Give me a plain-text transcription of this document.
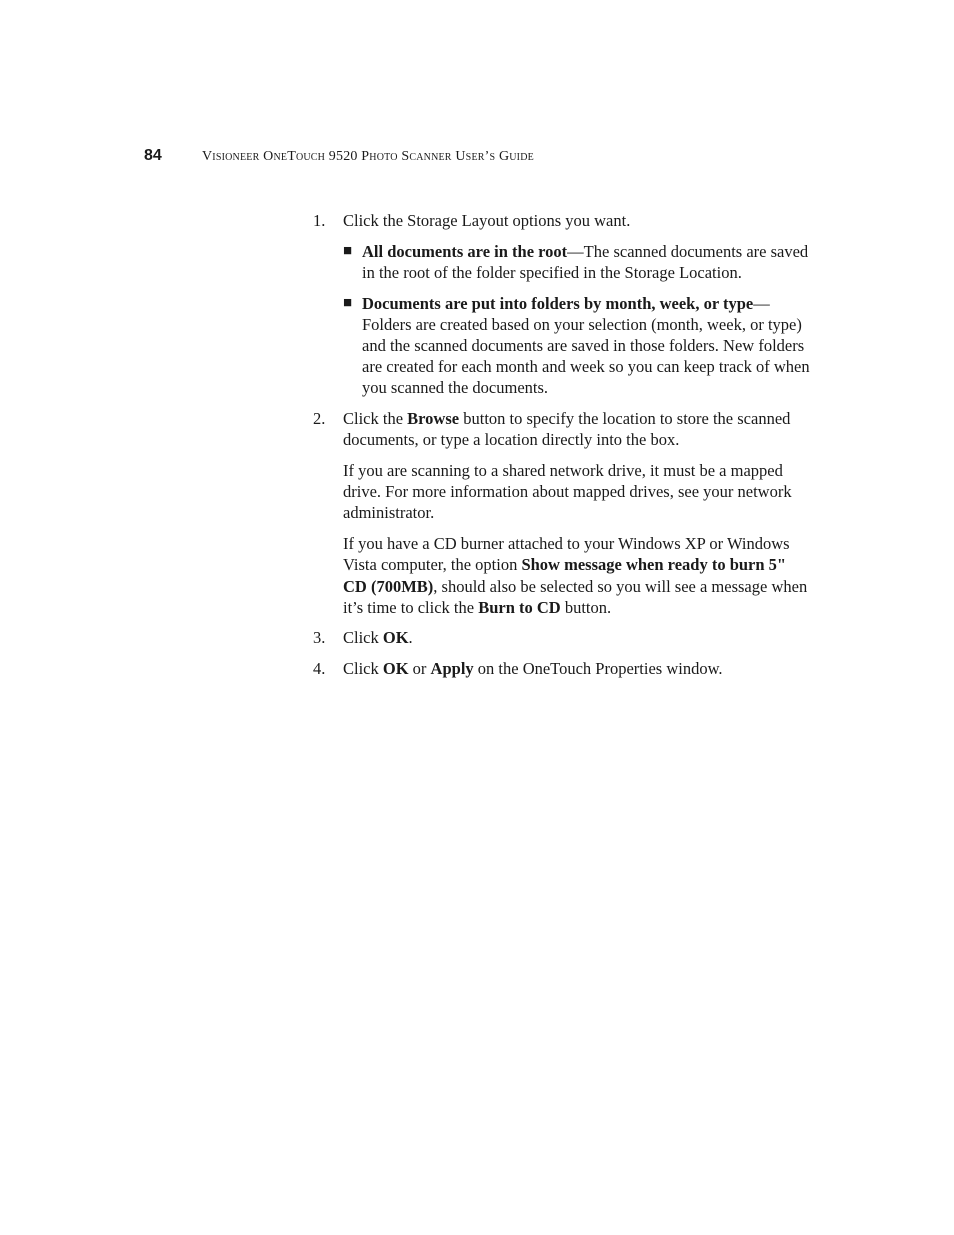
84	Visioneer OneTouch 9520 Photo Scanner User’s Guide
1. Click the Storage Layout options you want.
■ All documents are in the root—The scanned documents are saved in the root of the folder specified in the Storage Location.
■ Documents are put into folders by month, week, or type—Folders are created based on your selection (month, week, or type) and the scanned documents are saved in those folders. New folders are created for each month and week so you can keep track of when you scanned the documents.
2. Click the Browse button to specify the location to store the scanned documents, or type a location directly into the box.
If you are scanning to a shared network drive, it must be a mapped drive. For more information about mapped drives, see your network administrator.
If you have a CD burner attached to your Windows XP or Windows Vista computer, the option Show message when ready to burn 5" CD (700MB), should also be selected so you will see a message when it’s time to click the Burn to CD button.
3. Click OK.
4. Click OK or Apply on the OneTouch Properties window.
